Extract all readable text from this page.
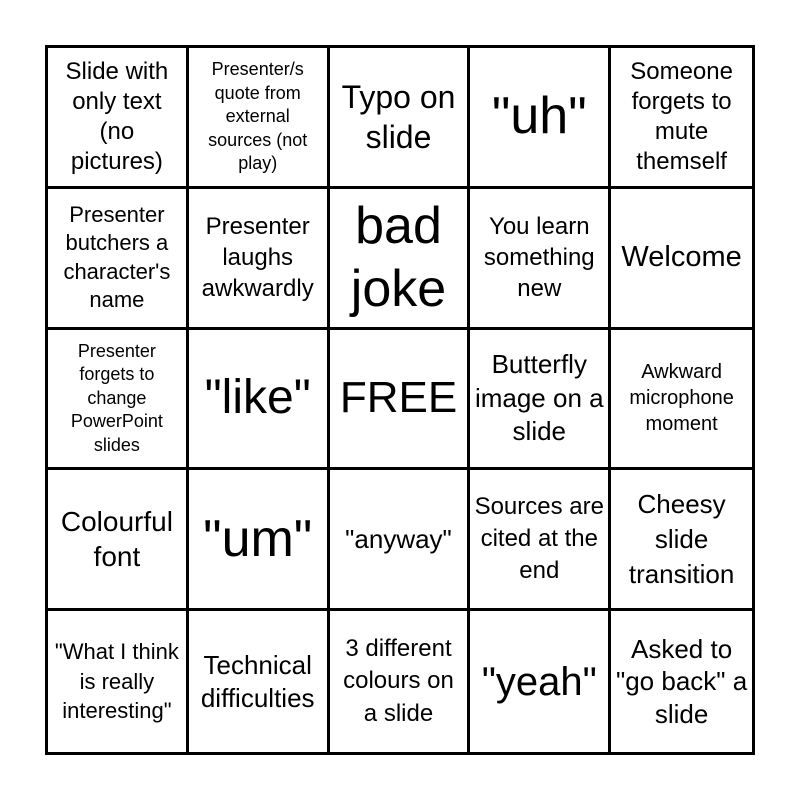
Slide with only text (no pictures)
Presenter/s quote from external sources (not play)
Typo on slide	"uh"
Someone forgets to mute themself
Presenter butchers a character's name
Presenter laughs awkwardly
bad joke
You learn something new
Welcome
Presenter forgets to change PowerPoint slides
"like" FREE
Butterfly image on a slide
Awkward microphone moment
Colourful font	"um" "anyway"
Sources are cited at the end
Cheesy slide transition
"What I think is really interesting"
Technical difficulties
3 different colours on a slide
"yeah"
Asked to "go back" a slide
